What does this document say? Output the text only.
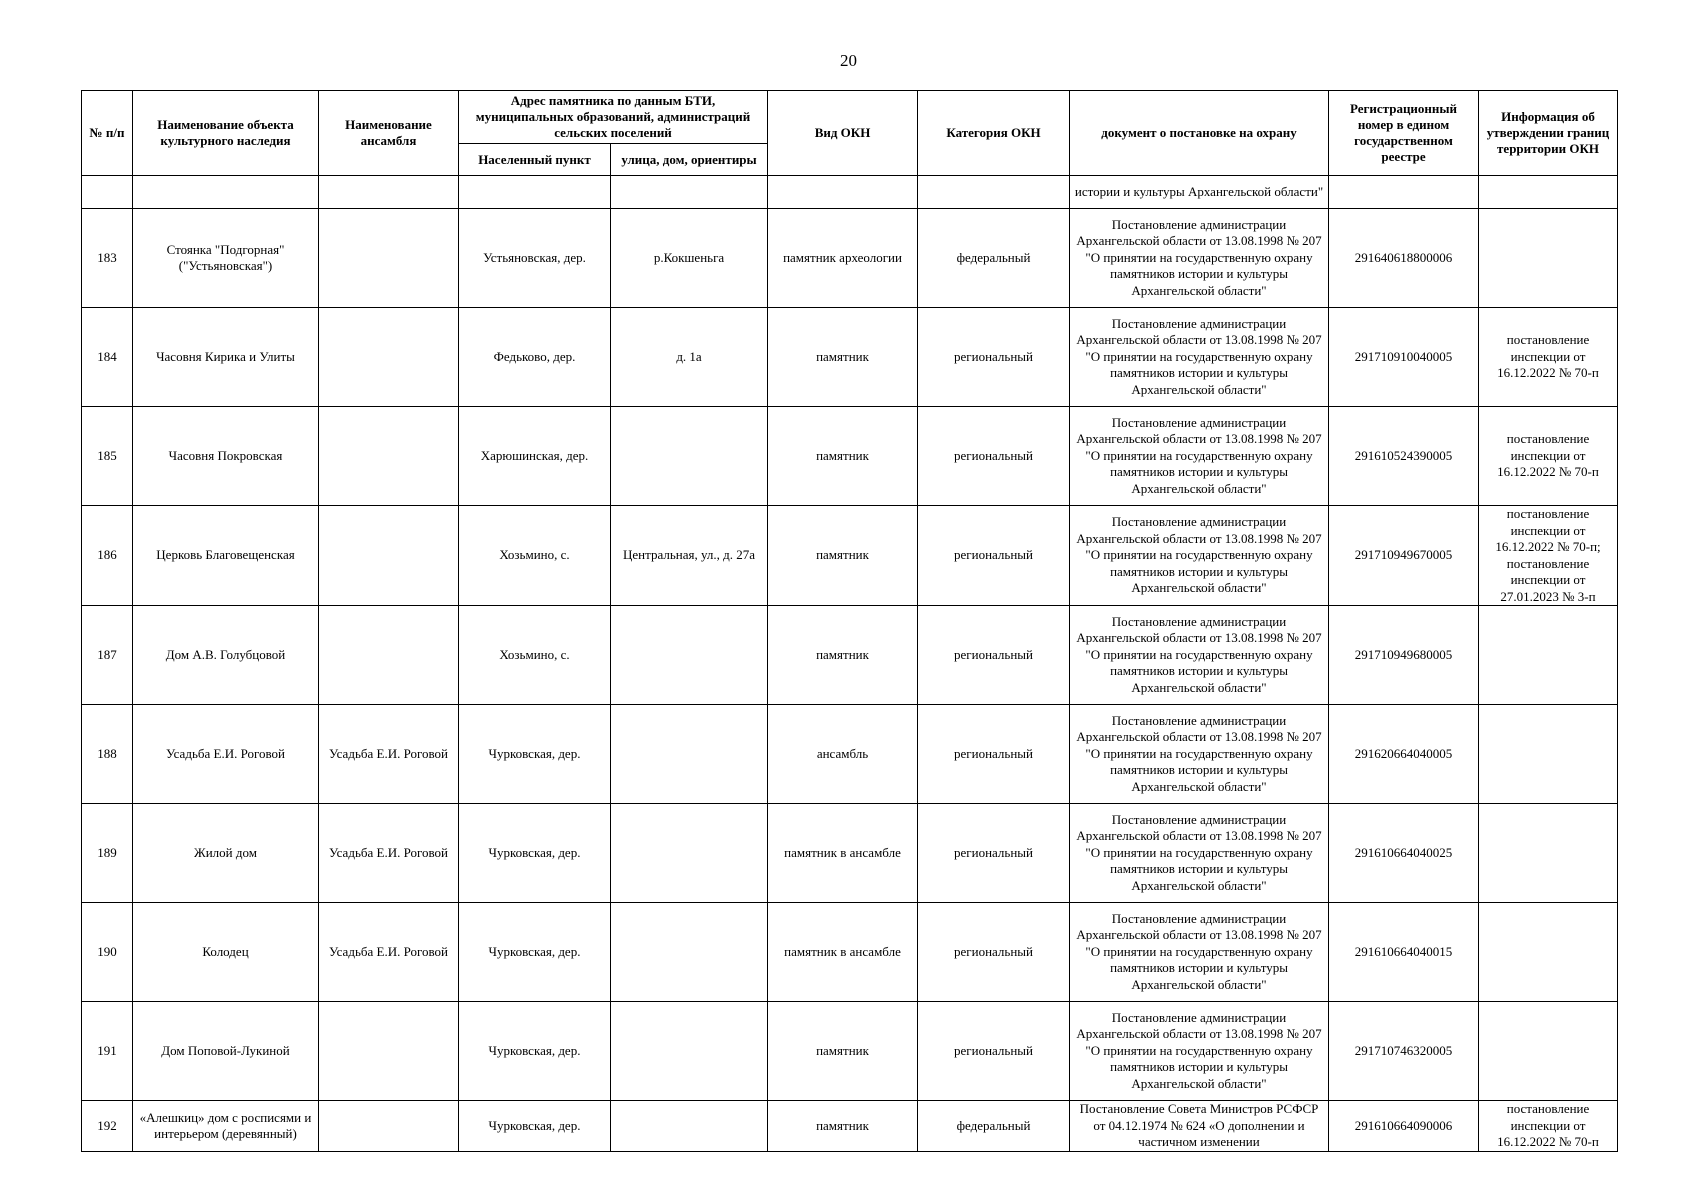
20
№ п/п	Наименование объекта культурного наследия	Наименование ансамбля	Адрес памятника по данным БТИ, муниципальных образований, администраций сельских поселений		Вид ОКН	Категория ОКН	документ о постановке на охрану	Регистрационный номер в едином государственном реестре	Информация об утверждении границ территории ОКН
			Населенный пункт	улица, дом, ориентиры					
							истории и культуры Архангельской области"		
183	Стоянка "Подгорная" ("Устьяновская")		Устьяновская, дер.	р.Кокшеньга	памятник археологии	федеральный	Постановление администрации Архангельской области от 13.08.1998 № 207 "О принятии на государственную охрану памятников истории и культуры Архангельской области"	291640618800006	
184	Часовня Кирика и Улиты		Федьково, дер.	д. 1а	памятник	региональный	Постановление администрации Архангельской области от 13.08.1998 № 207 "О принятии на государственную охрану памятников истории и культуры Архангельской области"	291710910040005	постановление инспекции от 16.12.2022 № 70-п
185	Часовня Покровская		Харюшинская, дер.		памятник	региональный	Постановление администрации Архангельской области от 13.08.1998 № 207 "О принятии на государственную охрану памятников истории и культуры Архангельской области"	291610524390005	постановление инспекции от 16.12.2022 № 70-п
186	Церковь Благовещенская		Хозьмино, с.	Центральная, ул., д. 27а	памятник	региональный	Постановление администрации Архангельской области от 13.08.1998 № 207 "О принятии на государственную охрану памятников истории и культуры Архангельской области"	291710949670005	постановление инспекции от 16.12.2022 № 70-п; постановление инспекции от 27.01.2023 № 3-п
187	Дом А.В. Голубцовой		Хозьмино, с.		памятник	региональный	Постановление администрации Архангельской области от 13.08.1998 № 207 "О принятии на государственную охрану памятников истории и культуры Архангельской области"	291710949680005	
188	Усадьба Е.И. Роговой	Усадьба Е.И. Роговой	Чурковская, дер.		ансамбль	региональный	Постановление администрации Архангельской области от 13.08.1998 № 207 "О принятии на государственную охрану памятников истории и культуры Архангельской области"	291620664040005	
189	Жилой дом	Усадьба Е.И. Роговой	Чурковская, дер.		памятник в ансамбле	региональный	Постановление администрации Архангельской области от 13.08.1998 № 207 "О принятии на государственную охрану памятников истории и культуры Архангельской области"	291610664040025	
190	Колодец	Усадьба Е.И. Роговой	Чурковская, дер.		памятник в ансамбле	региональный	Постановление администрации Архангельской области от 13.08.1998 № 207 "О принятии на государственную охрану памятников истории и культуры Архангельской области"	291610664040015	
191	Дом Поповой-Лукиной		Чурковская, дер.		памятник	региональный	Постановление администрации Архангельской области от 13.08.1998 № 207 "О принятии на государственную охрану памятников истории и культуры Архангельской области"	291710746320005	
192	«Алешкиц» дом с росписями и интерьером (деревянный)		Чурковская, дер.		памятник	федеральный	Постановление Совета Министров РСФСР от 04.12.1974 № 624 «О дополнении и частичном изменении	291610664090006	постановление инспекции от 16.12.2022 № 70-п
